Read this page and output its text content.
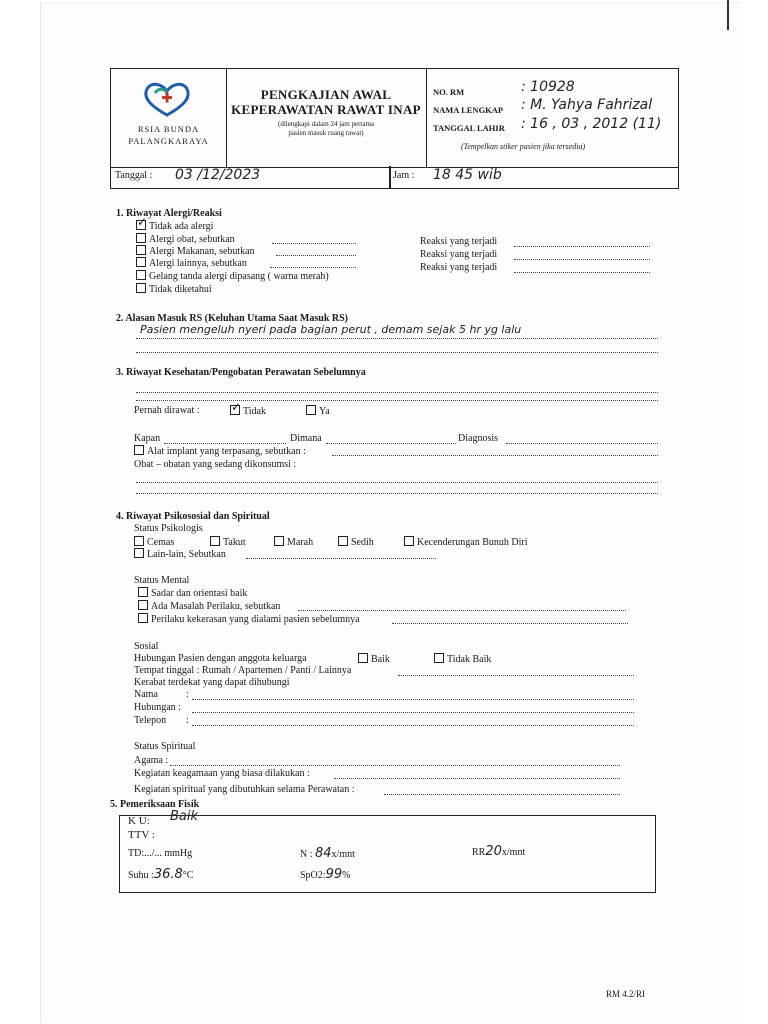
RSIA BUNDA
PALANGKARAYA
PENGKAJIAN AWAL
KEPERAWATAN RAWAT INAP
(dilengkapi dalam 24 jam pertama
pasien masuk ruang rawat)
NO. RM	: 10928
NAMA LENGKAP : M. Yahya Fahrizal
TANGGAL LAHIR : 16 , 03 , 2012 (11)
(Tempelkan stiker pasien jika tersedia)
Tanggal : 03 /12/2023	Jam : 18 45 wib
1. Riwayat Alergi/Reaksi
✓ Tidak ada alergi
Alergi obat, sebutkan
Alergi Makanan, sebutkan
Alergi lainnya, sebutkan
Gelang tanda alergi dipasang ( warna merah)
Tidak diketahui
Reaksi yang terjadi
Reaksi yang terjadi
Reaksi yang terjadi
2. Alasan Masuk RS (Keluhan Utama Saat Masuk RS)
Pasien mengeluh nyeri pada bagian perut , demam sejak 5 hr yg lalu
3. Riwayat Kesehatan/Pengobatan Perawatan Sebelumnya
Pernah dirawat :	✓ Tidak	Ya
Kapan	Dimana	Diagnosis
Alat implant yang terpasang, sebutkan :
Obat – obatan yang sedang dikonsumsi :
4. Riwayat Psikososial dan Spiritual
Status Psikologis
Cemas	Takut	Marah	Sedih	Kecenderungan Bunuh Diri
Lain-lain, Sebutkan
Status Mental
Sadar dan orientasi baik
Ada Masalah Perilaku, sebutkan
Perilaku kekerasan yang dialami pasien sebelumnya
Sosial
Hubungan Pasien dengan anggota keluarga	Baik	Tidak Baik
Tempat tinggal : Rumah / Apartemen / Panti / Lainnya
Kerabat terdekat yang dapat dihubungi
Nama	:
Hubungan :
Telepon :
Status Spiritual
Agama :
Kegiatan keagamaan yang biasa dilakukan :
Kegiatan spiritual yang dibutuhkan selama Perawatan :
5. Pemeriksaan Fisik
K U: Baik
TTV :
TD:.../... mmHg	N : 84x/mnt	RR20x/mnt
Suhu :36.8°C	SpO2:99%
RM 4.2/RI
